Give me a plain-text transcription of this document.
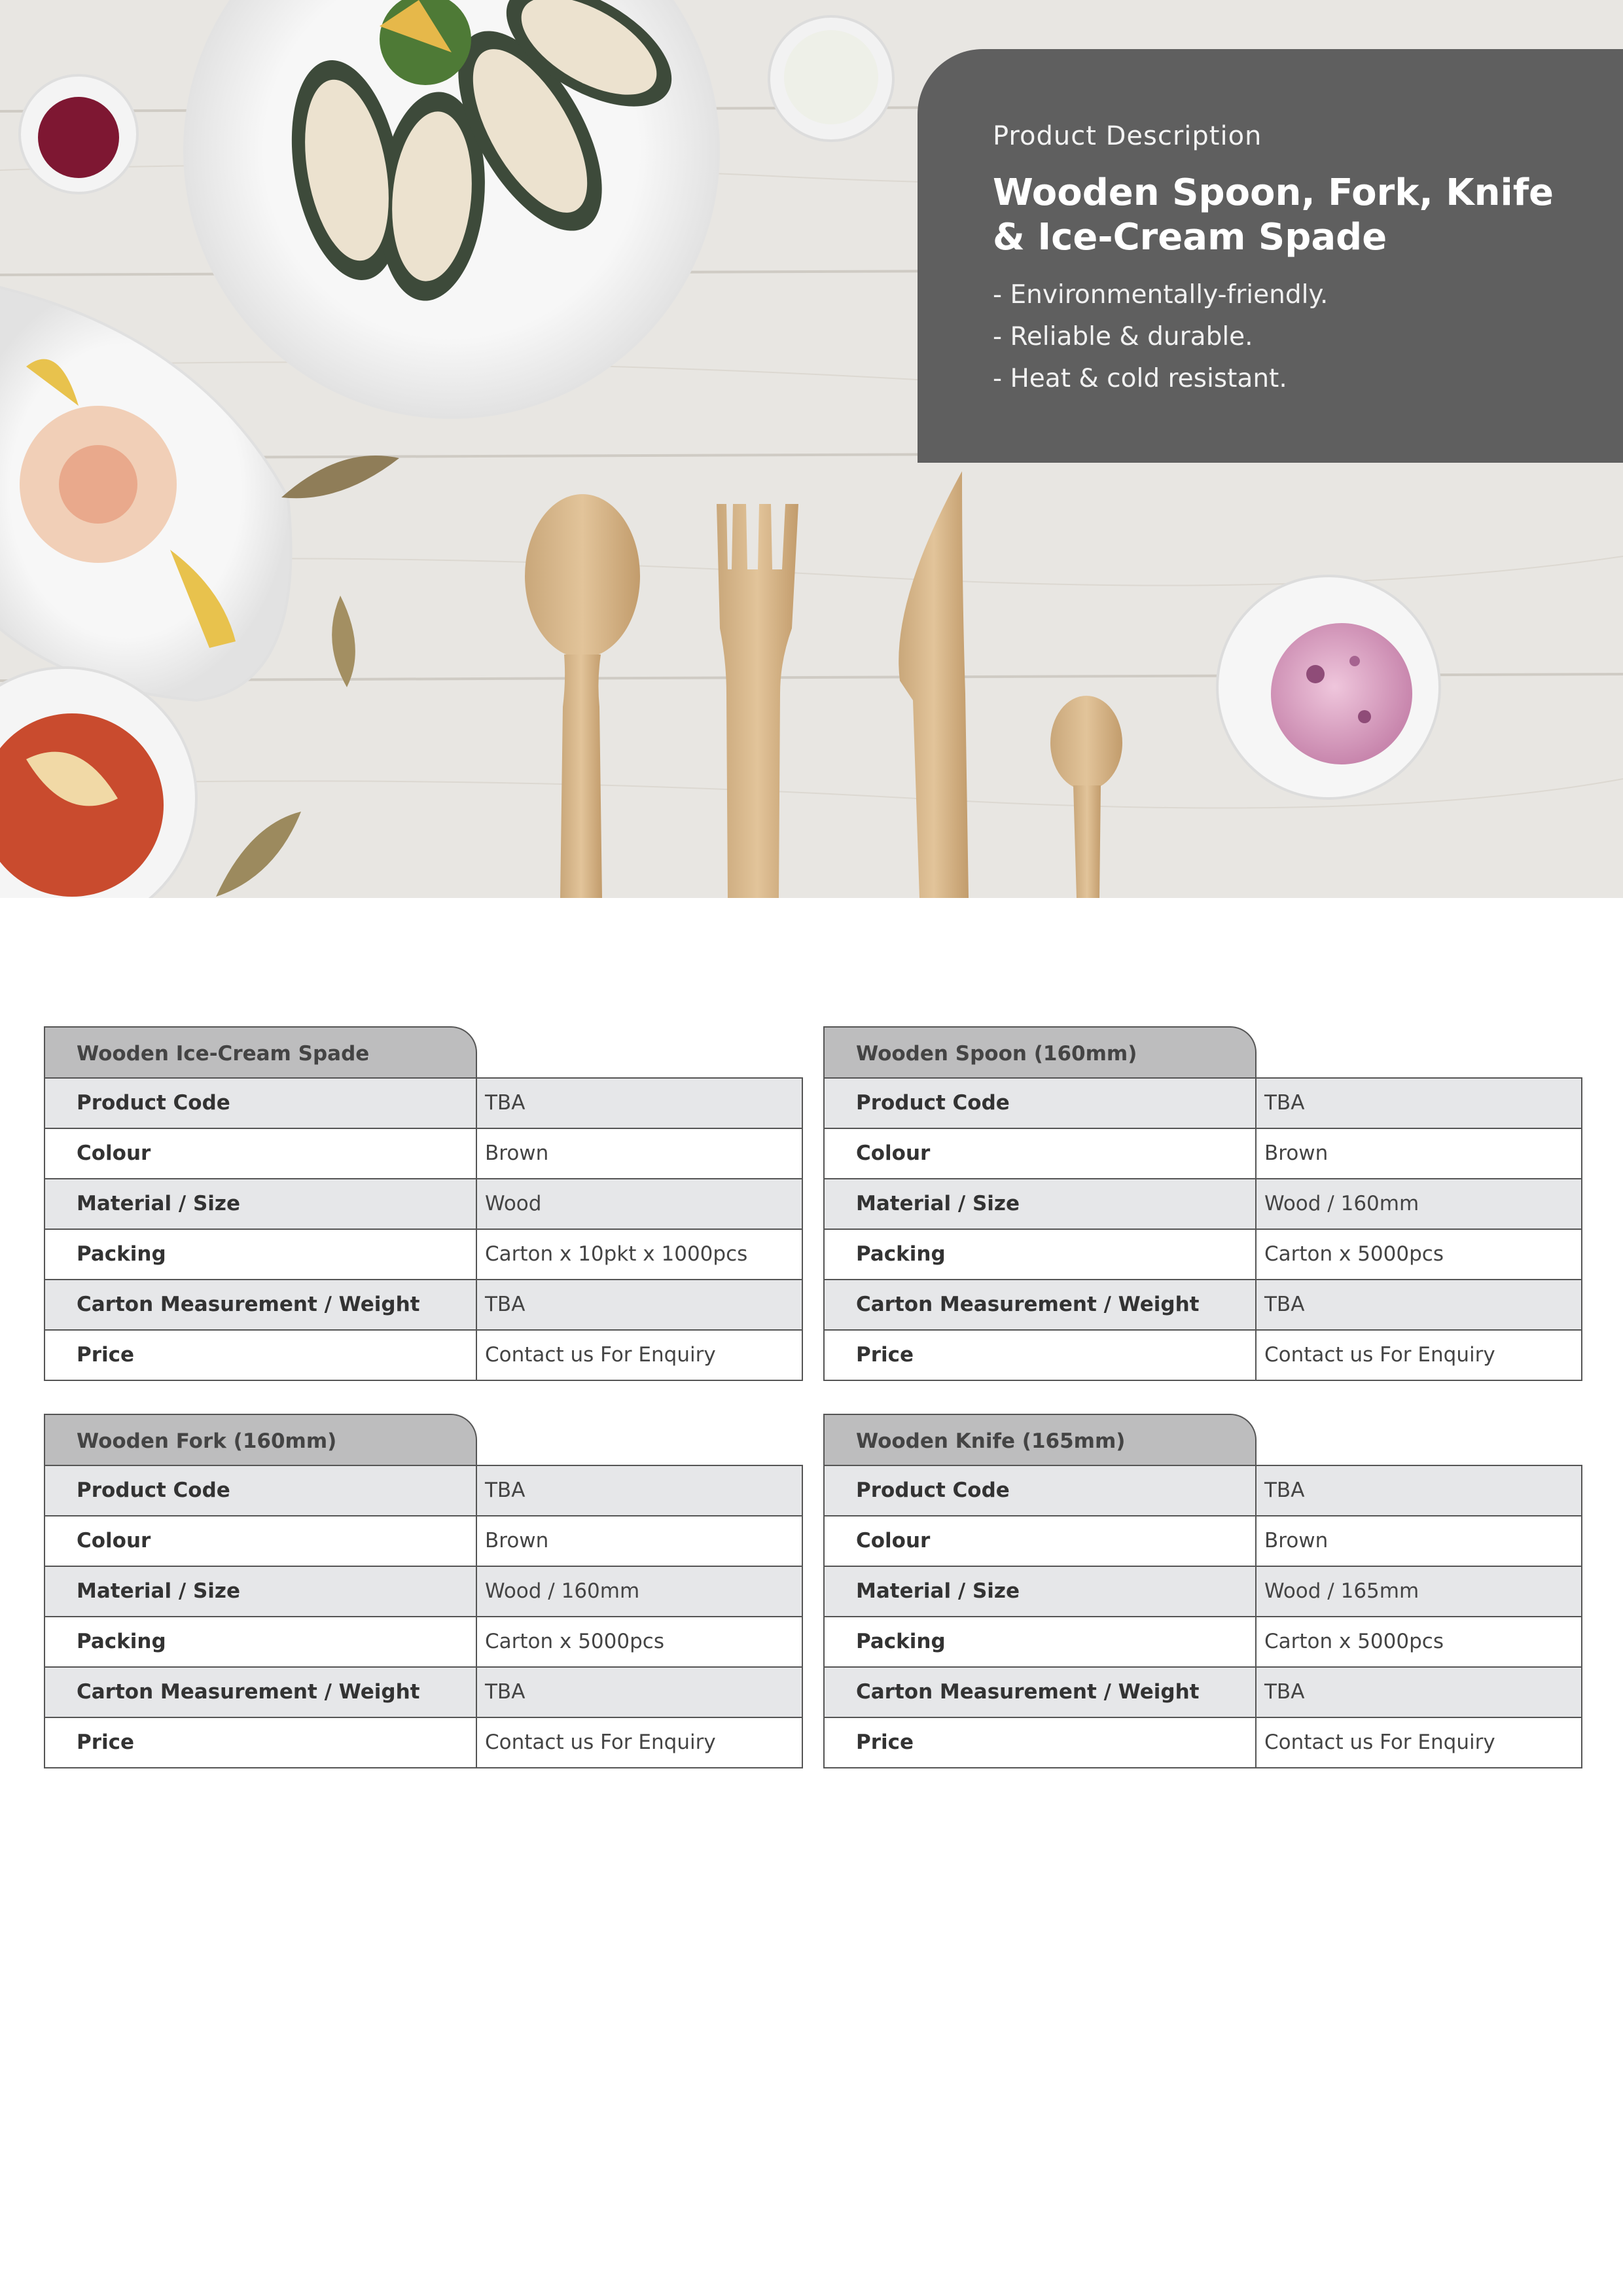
Product Description
Wooden Spoon, Fork, Knife & Ice-Cream Spade
- Environmentally-friendly.
- Reliable & durable.
- Heat & cold resistant.
Wooden Ice-Cream Spade
Product Code	TBA
Colour	Brown
Material / Size	Wood
Packing	Carton x 10pkt x 1000pcs
Carton Measurement / Weight	TBA
Price	Contact us For Enquiry
Wooden Spoon (160mm)
Product Code	TBA
Colour	Brown
Material / Size	Wood / 160mm
Packing	Carton x 5000pcs
Carton Measurement / Weight	TBA
Price	Contact us For Enquiry
Wooden Fork (160mm)
Product Code	TBA
Colour	Brown
Material / Size	Wood / 160mm
Packing	Carton x 5000pcs
Carton Measurement / Weight	TBA
Price	Contact us For Enquiry
Wooden Knife (165mm)
Product Code	TBA
Colour	Brown
Material / Size	Wood / 165mm
Packing	Carton x 5000pcs
Carton Measurement / Weight	TBA
Price	Contact us For Enquiry
